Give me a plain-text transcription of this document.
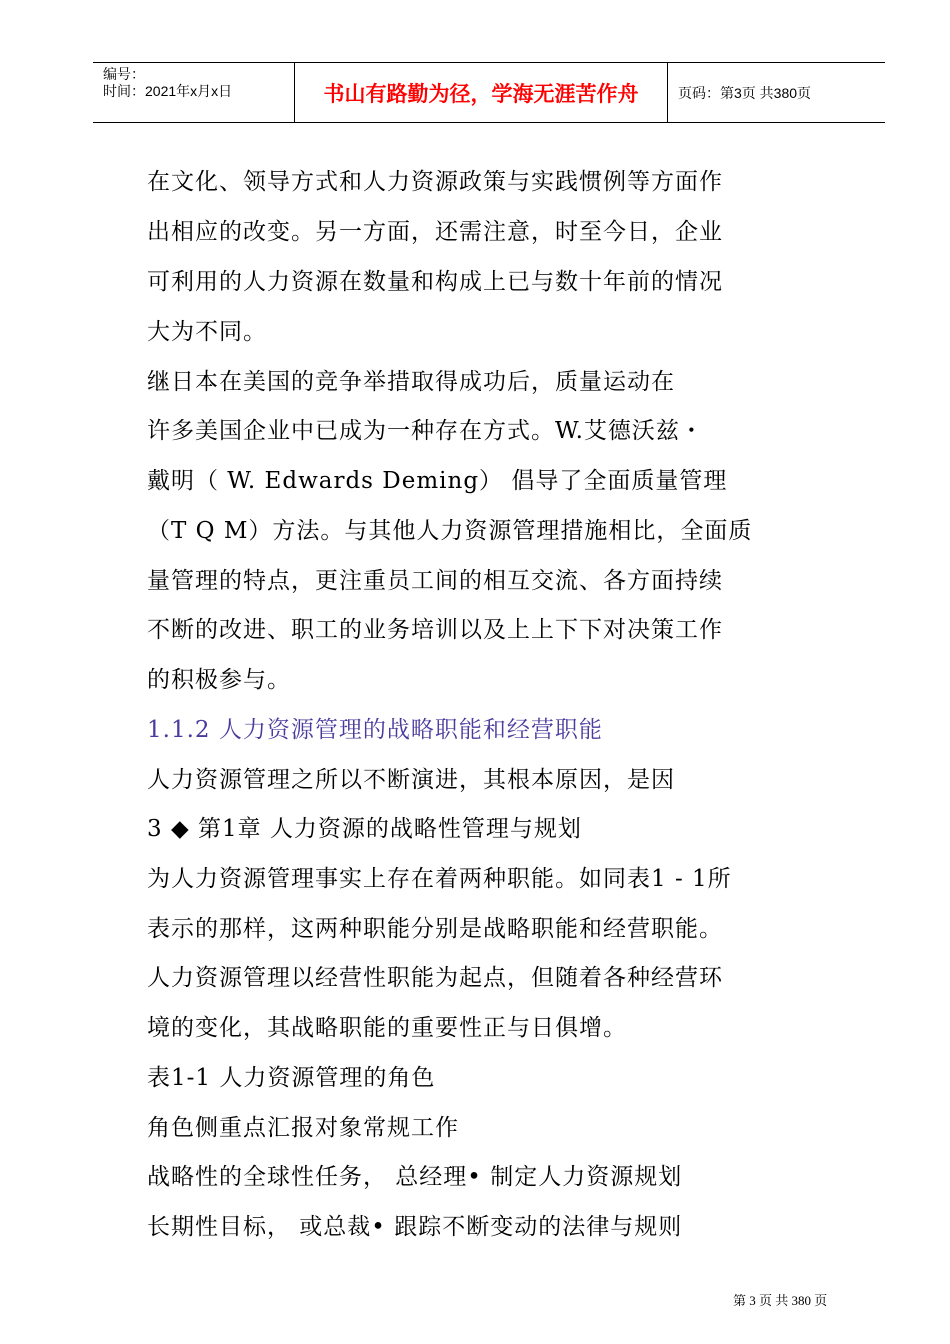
编号：
时间：2021年x月x日	书山有路勤为径，学海无涯苦作舟	页码：第3页 共380页
在文化、领导方式和人力资源政策与实践惯例等方面作
出相应的改变。另一方面，还需注意，时至今日，企业
可利用的人力资源在数量和构成上已与数十年前的情况
大为不同。
继日本在美国的竞争举措取得成功后，质量运动在
许多美国企业中已成为一种存在方式。W.艾德沃兹・
戴明（ W. Edwards Deming） 倡导了全面质量管理
（T Q M）方法。与其他人力资源管理措施相比，全面质
量管理的特点，更注重员工间的相互交流、各方面持续
不断的改进、职工的业务培训以及上上下下对决策工作
的积极参与。
1.1.2 人力资源管理的战略职能和经营职能
人力资源管理之所以不断演进，其根本原因，是因
3 ◆ 第1章 人力资源的战略性管理与规划
为人力资源管理事实上存在着两种职能。如同表1 - 1所
表示的那样，这两种职能分别是战略职能和经营职能。
人力资源管理以经营性职能为起点，但随着各种经营环
境的变化，其战略职能的重要性正与日俱增。
表1-1 人力资源管理的角色
角色侧重点汇报对象常规工作
战略性的全球性任务， 总经理• 制定人力资源规划
长期性目标， 或总裁• 跟踪不断变动的法律与规则
第 3 页 共 380 页
